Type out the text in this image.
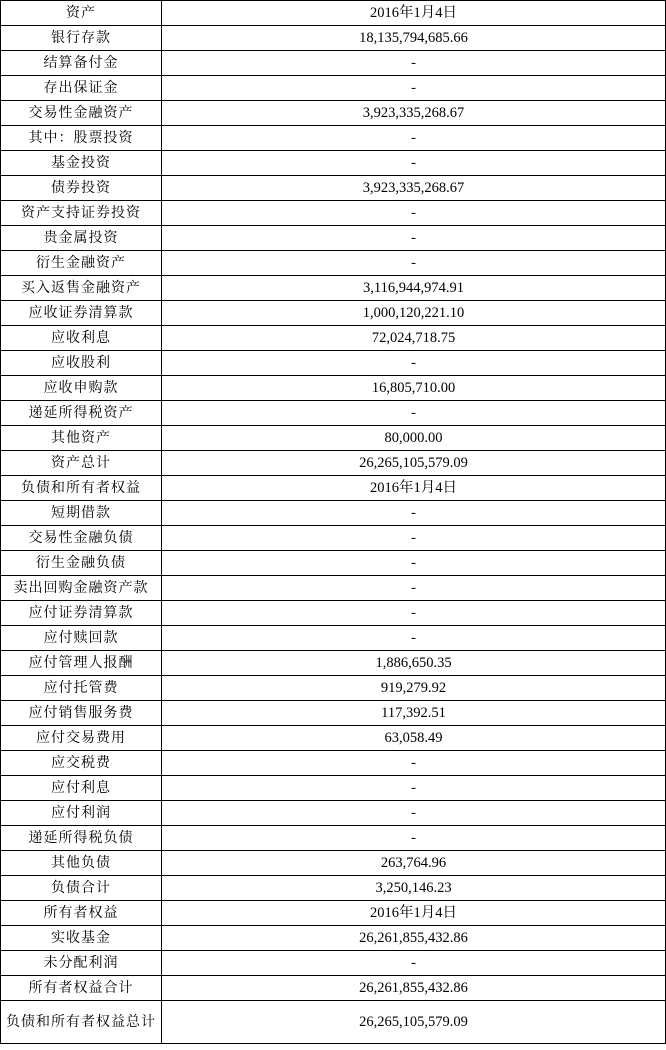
资产	2016年1月4日
银行存款	18,135,794,685.66
结算备付金	-
存出保证金	-
交易性金融资产	3,923,335,268.67
其中：股票投资	-
基金投资	-
债券投资	3,923,335,268.67
资产支持证券投资	-
贵金属投资	-
衍生金融资产	-
买入返售金融资产	3,116,944,974.91
应收证券清算款	1,000,120,221.10
应收利息	72,024,718.75
应收股利	-
应收申购款	16,805,710.00
递延所得税资产	-
其他资产	80,000.00
资产总计	26,265,105,579.09
负债和所有者权益	2016年1月4日
短期借款	-
交易性金融负债	-
衍生金融负债	-
卖出回购金融资产款	-
应付证券清算款	-
应付赎回款	-
应付管理人报酬	1,886,650.35
应付托管费	919,279.92
应付销售服务费	117,392.51
应付交易费用	63,058.49
应交税费	-
应付利息	-
应付利润	-
递延所得税负债	-
其他负债	263,764.96
负债合计	3,250,146.23
所有者权益	2016年1月4日
实收基金	26,261,855,432.86
未分配利润	-
所有者权益合计	26,261,855,432.86
负债和所有者权益总计	26,265,105,579.09
